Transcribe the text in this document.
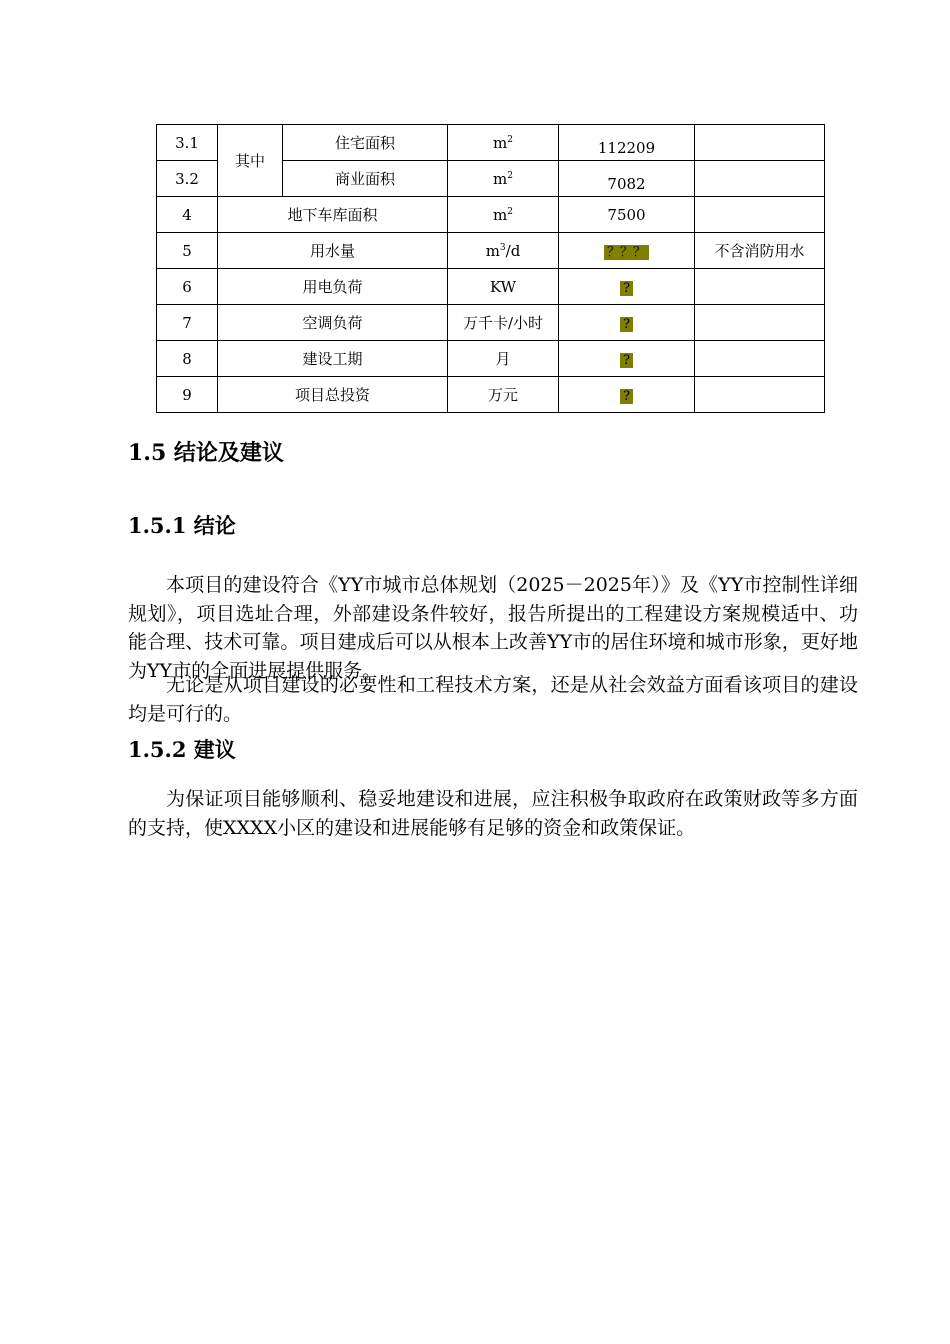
3.1	其中	住宅面积	$m^2$	112209	
3.2		商业面积	$m^2$	7082	
4	地下车库面积		$m^2$	7500	
5	用水量		$m^3/d$	？？？	不含消防用水
6	用电负荷		KW	?	
7	空调负荷		万千卡/小时	?	
8	建设工期		月	?	
9	项目总投资		万元	?	
1.5 结论及建议
1.5.1 结论

本项目的建设符合《YY市城市总体规划（2025－2025年）》及《YY市控制性详细规划》，项目选址合理，外部建设条件较好，报告所提出的工程建设方案规模适中、功能合理、技术可靠。项目建成后可以从根本上改善YY市的居住环境和城市形象，更好地为YY市的全面进展提供服务。

无论是从项目建设的必要性和工程技术方案，还是从社会效益方面看该项目的建设均是可行的。

1.5.2 建议

为保证项目能够顺利、稳妥地建设和进展，应注积极争取政府在政策财政等多方面的支持，使XXXX小区的建设和进展能够有足够的资金和政策保证。
